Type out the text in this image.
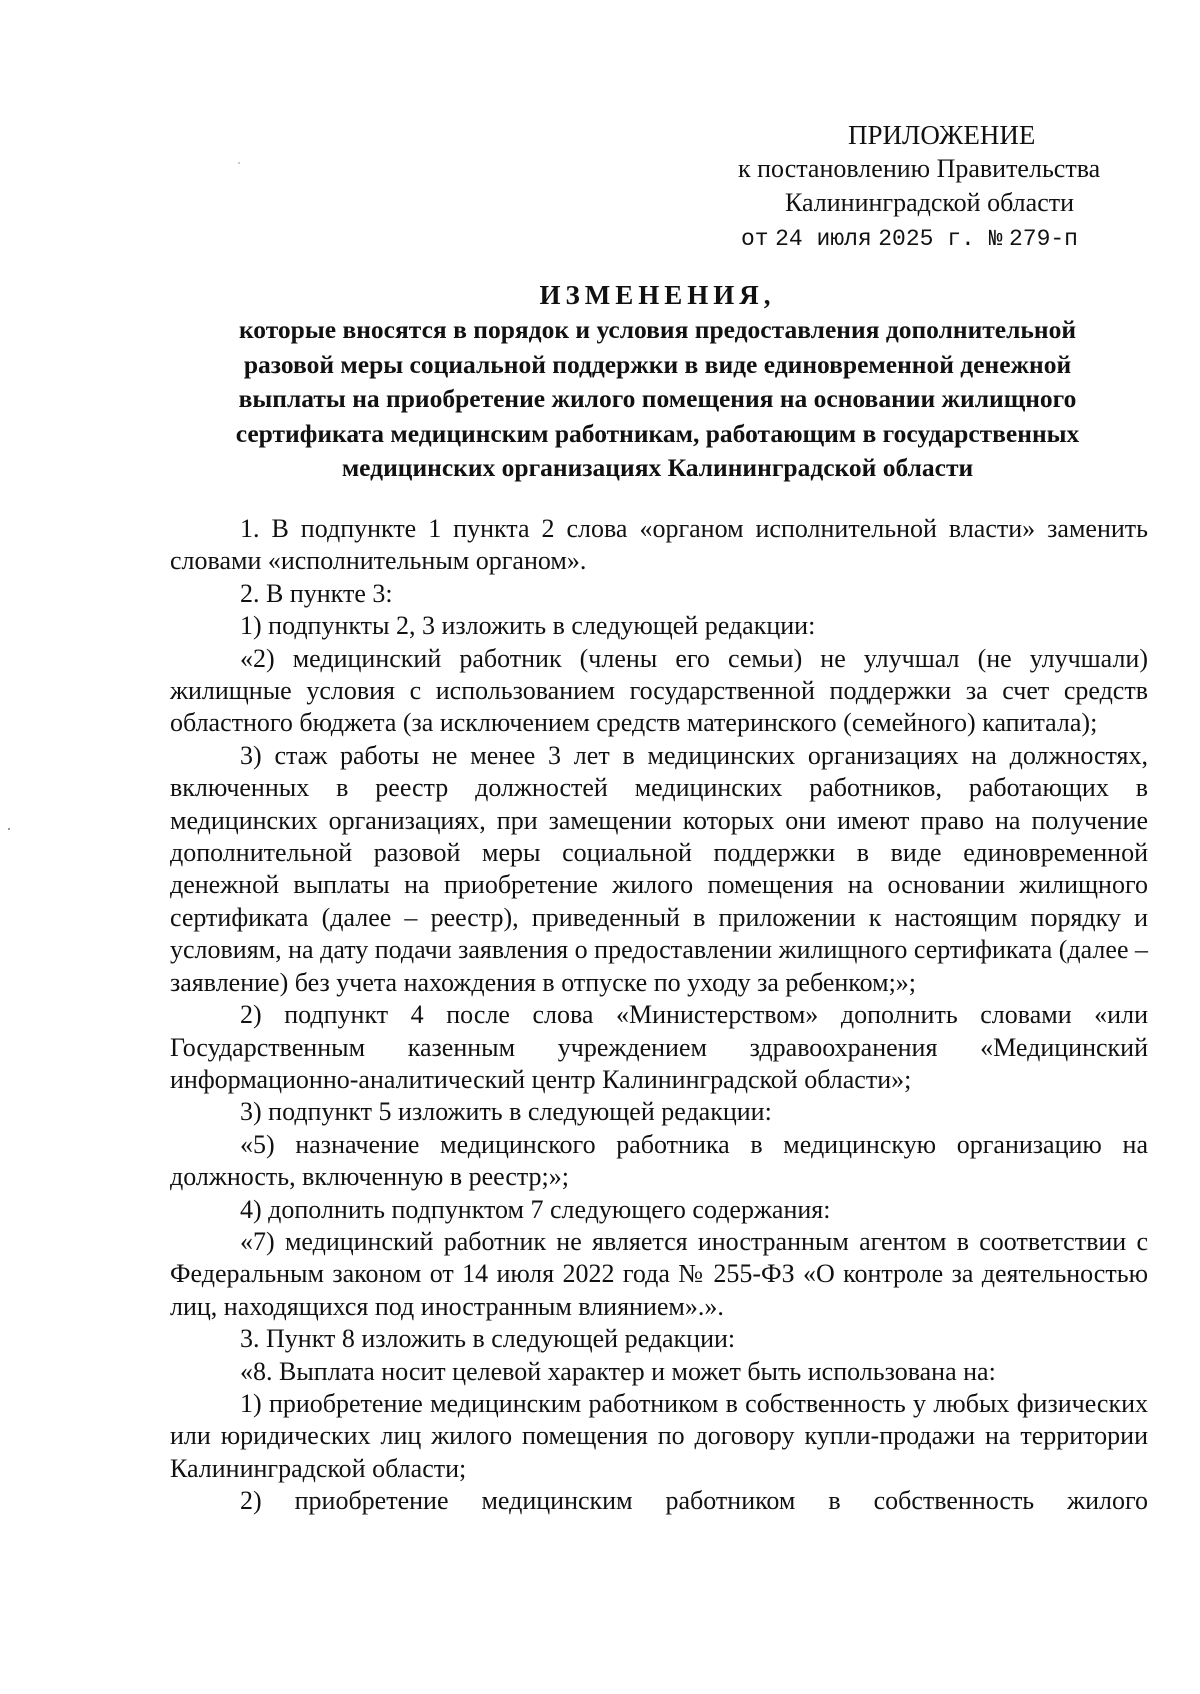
ПРИЛОЖЕНИЕ
к постановлению Правительства
Калининградской области
от 24 июля 2025 г. № 279-п
ИЗМЕНЕНИЯ,
которые вносятся в порядок и условия предоставления дополнительной
разовой меры социальной поддержки в виде единовременной денежной
выплаты на приобретение жилого помещения на основании жилищного
сертификата медицинским работникам, работающим в государственных
медицинских организациях Калининградской области

1. В подпункте 1 пункта 2 слова «органом исполнительной власти» заменить словами «исполнительным органом».

2. В пункте 3:

1) подпункты 2, 3 изложить в следующей редакции:

«2) медицинский работник (члены его семьи) не улучшал (не улучшали) жилищные условия с использованием государственной поддержки за счет средств областного бюджета (за исключением средств материнского (семейного) капитала);

3) стаж работы не менее 3 лет в медицинских организациях на должностях, включенных в реестр должностей медицинских работников, работающих в медицинских организациях, при замещении которых они имеют право на получение дополнительной разовой меры социальной поддержки в виде единовременной денежной выплаты на приобретение жилого помещения на основании жилищного сертификата (далее – реестр), приведенный в приложении к настоящим порядку и условиям, на дату подачи заявления о предоставлении жилищного сертификата (далее – заявление) без учета нахождения в отпуске по уходу за ребенком;»;

2) подпункт 4 после слова «Министерством» дополнить словами «или Государственным казенным учреждением здравоохранения «Медицинский информационно-аналитический центр Калининградской области»;

3) подпункт 5 изложить в следующей редакции:

«5) назначение медицинского работника в медицинскую организацию на должность, включенную в реестр;»;

4) дополнить подпунктом 7 следующего содержания:

«7) медицинский работник не является иностранным агентом в соответствии с Федеральным законом от 14 июля 2022 года № 255-ФЗ «О контроле за деятельностью лиц, находящихся под иностранным влиянием».».

3. Пункт 8 изложить в следующей редакции:

«8. Выплата носит целевой характер и может быть использована на:

1) приобретение медицинским работником в собственность у любых физических или юридических лиц жилого помещения по договору купли-продажи на территории Калининградской области;

2) приобретение медицинским работником в собственность жилого
